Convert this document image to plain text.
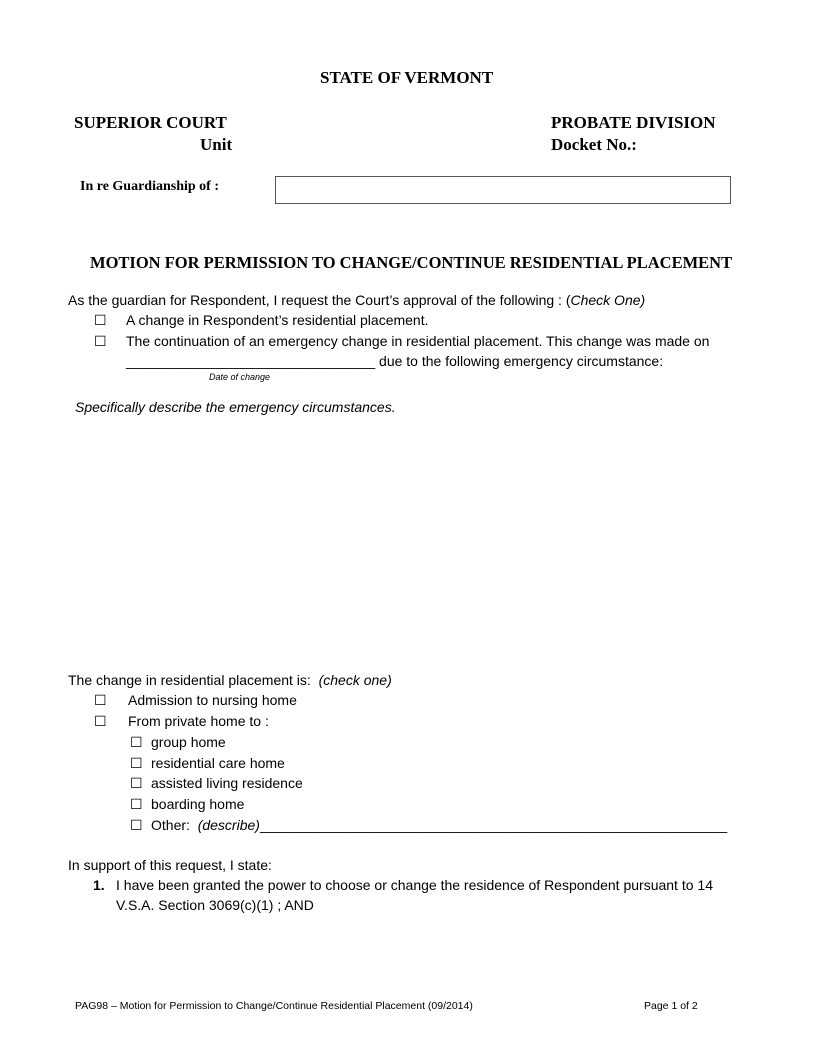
STATE OF VERMONT
SUPERIOR COURT
Unit
PROBATE DIVISION
Docket No.:
In re Guardianship of :
MOTION FOR PERMISSION TO CHANGE/CONTINUE RESIDENTIAL PLACEMENT
As the guardian for Respondent, I request the Court’s approval of the following : (Check One)
☐ A change in Respondent’s residential placement.
☐ The continuation of an emergency change in residential placement. This change was made on
________________________________ due to the following emergency circumstance:
Date of change
Specifically describe the emergency circumstances.
The change in residential placement is: (check one)
☐ Admission to nursing home
☐ From private home to :
☐ group home
☐ residential care home
☐ assisted living residence
☐ boarding home
☐ Other: (describe)____________________________________________________________
In support of this request, I state:
1. I have been granted the power to choose or change the residence of Respondent pursuant to 14
V.S.A. Section 3069(c)(1) ; AND
PAG98 – Motion for Permission to Change/Continue Residential Placement (09/2014)	Page 1 of 2
